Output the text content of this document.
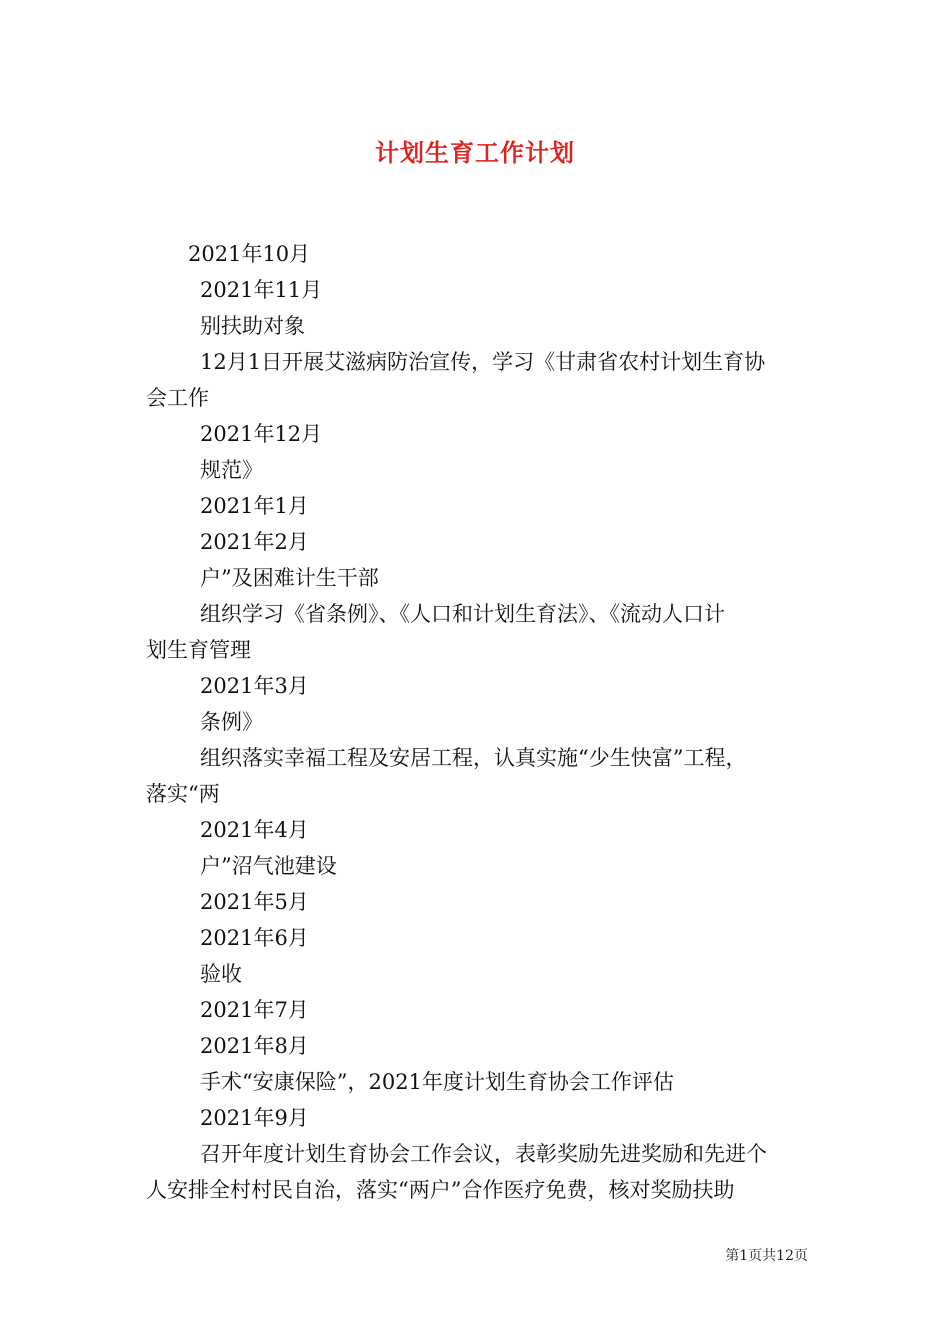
计划生育工作计划
2021年10月
2021年11月
别扶助对象
12月1日开展艾滋病防治宣传，学习《甘肃省农村计划生育协
会工作
2021年12月
规范》
2021年1月
2021年2月
户”及困难计生干部
组织学习《省条例》、《人口和计划生育法》、《流动人口计
划生育管理
2021年3月
条例》
组织落实幸福工程及安居工程，认真实施“少生快富”工程，
落实“两
2021年4月
户”沼气池建设
2021年5月
2021年6月
验收
2021年7月
2021年8月
手术“安康保险”，2021年度计划生育协会工作评估
2021年9月
召开年度计划生育协会工作会议，表彰奖励先进奖励和先进个
人安排全村村民自治，落实“两户”合作医疗免费，核对奖励扶助
第1页共12页
